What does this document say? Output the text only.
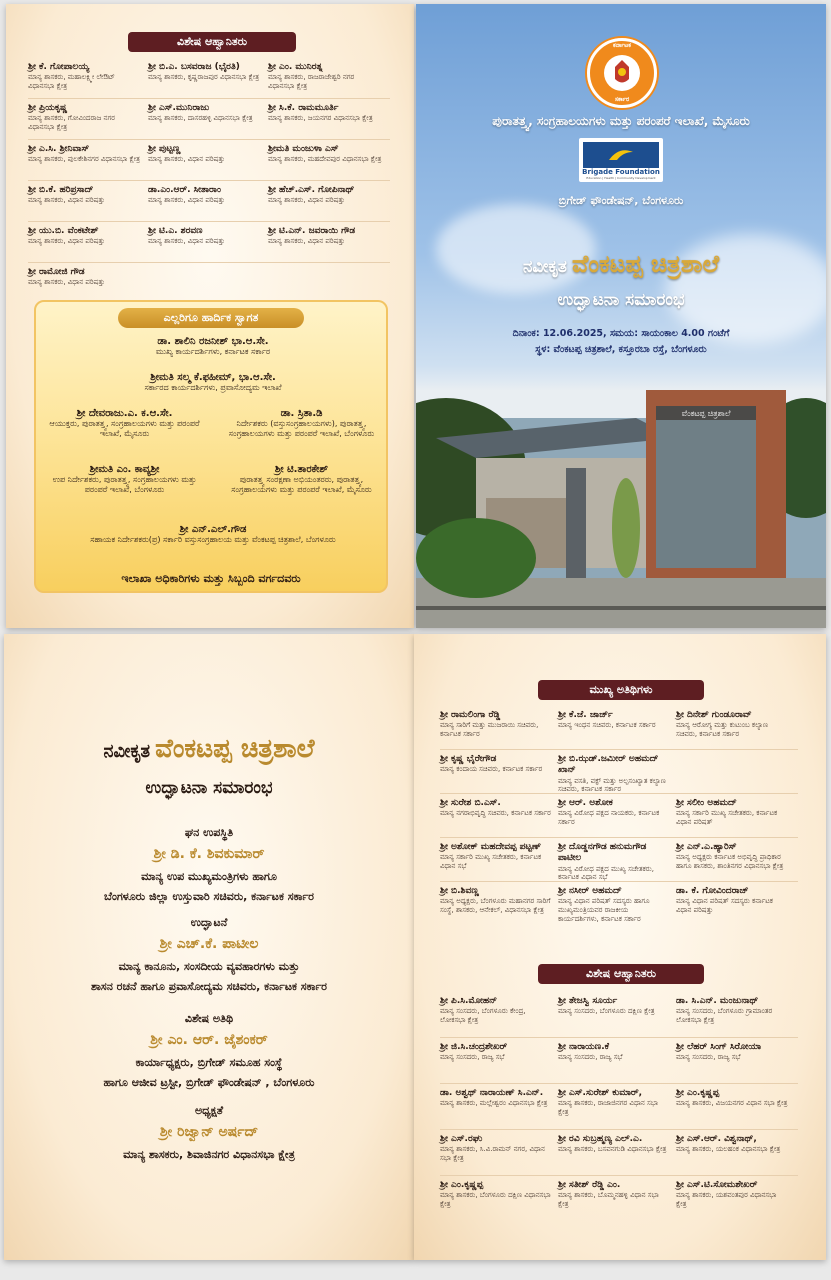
ವಿಶೇಷ ಆಹ್ವಾನಿತರು
ಶ್ರೀ ಕೆ. ಗೋಪಾಲಯ್ಯ
ಮಾನ್ಯ ಶಾಸಕರು, ಮಹಾಲಕ್ಷ್ಮೀ ಲೇಔಟ್ ವಿಧಾನಸಭಾ ಕ್ಷೇತ್ರ
ಶ್ರೀ ಬಿ.ಎ. ಬಸವರಾಜ (ಭೈರತಿ)
ಮಾನ್ಯ ಶಾಸಕರು, ಕೃಷ್ಣರಾಜಪುರ ವಿಧಾನಸಭಾ ಕ್ಷೇತ್ರ
ಶ್ರೀ ಎಂ. ಮುನಿರತ್ನ
ಮಾನ್ಯ ಶಾಸಕರು, ರಾಜರಾಜೇಶ್ವರಿ ನಗರ ವಿಧಾನಸಭಾ ಕ್ಷೇತ್ರ
ಶ್ರೀ ಪ್ರಿಯಕೃಷ್ಣ
ಮಾನ್ಯ ಶಾಸಕರು, ಗೋವಿಂದರಾಜ ನಗರ ವಿಧಾನಸಭಾ ಕ್ಷೇತ್ರ
ಶ್ರೀ ಎಸ್.ಮುನಿರಾಜು
ಮಾನ್ಯ ಶಾಸಕರು, ದಾಸರಹಳ್ಳಿ ವಿಧಾನಸಭಾ ಕ್ಷೇತ್ರ
ಶ್ರೀ ಸಿ.ಕೆ. ರಾಮಮೂರ್ತಿ
ಮಾನ್ಯ ಶಾಸಕರು, ಜಯನಗರ ವಿಧಾನಸಭಾ ಕ್ಷೇತ್ರ
ಶ್ರೀ ಎ.ಸಿ. ಶ್ರೀನಿವಾಸ್
ಮಾನ್ಯ ಶಾಸಕರು, ಪುಲಕೇಶಿನಗರ ವಿಧಾನಸಭಾ ಕ್ಷೇತ್ರ
ಶ್ರೀ ಪುಟ್ಟಣ್ಣ
ಮಾನ್ಯ ಶಾಸಕರು, ವಿಧಾನ ಪರಿಷತ್ತು
ಶ್ರೀಮತಿ ಮಂಜುಳಾ ಎಸ್
ಮಾನ್ಯ ಶಾಸಕರು, ಮಹದೇವಪುರ ವಿಧಾನಸಭಾ ಕ್ಷೇತ್ರ
ಶ್ರೀ ಬಿ.ಕೆ. ಹರಿಪ್ರಸಾದ್
ಮಾನ್ಯ ಶಾಸಕರು, ವಿಧಾನ ಪರಿಷತ್ತು
ಡಾ.ಎಂ.ಆರ್. ಸೀತಾರಾಂ
ಮಾನ್ಯ ಶಾಸಕರು, ವಿಧಾನ ಪರಿಷತ್ತು
ಶ್ರೀ ಹೆಚ್.ಎಸ್. ಗೋಪಿನಾಥ್
ಮಾನ್ಯ ಶಾಸಕರು, ವಿಧಾನ ಪರಿಷತ್ತು
ಶ್ರೀ ಯು.ಬಿ. ವೆಂಕಟೇಶ್
ಮಾನ್ಯ ಶಾಸಕರು, ವಿಧಾನ ಪರಿಷತ್ತು
ಶ್ರೀ ಟಿ.ಎ. ಶರವಣ
ಮಾನ್ಯ ಶಾಸಕರು, ವಿಧಾನ ಪರಿಷತ್ತು
ಶ್ರೀ ಟಿ.ಎನ್. ಜವರಾಯಿ ಗೌಡ
ಮಾನ್ಯ ಶಾಸಕರು, ವಿಧಾನ ಪರಿಷತ್ತು
ಶ್ರೀ ರಾಮೋಜಿ ಗೌಡ
ಮಾನ್ಯ ಶಾಸಕರು, ವಿಧಾನ ಪರಿಷತ್ತು
ಎಲ್ಲರಿಗೂ ಹಾರ್ದಿಕ ಸ್ವಾಗತ
ಡಾ. ಶಾಲಿನಿ ರಜನೀಶ್ ಭಾ.ಆ.ಸೇ.
ಮುಖ್ಯ ಕಾರ್ಯದರ್ಶಿಗಳು, ಕರ್ನಾಟಕ ಸರ್ಕಾರ
ಶ್ರೀಮತಿ ಸಲ್ಮ ಕೆ.ಫಹೀಮ್, ಭಾ.ಆ.ಸೇ.
ಸರ್ಕಾರದ ಕಾರ್ಯದರ್ಶಿಗಳು, ಪ್ರವಾಸೋದ್ಯಮ ಇಲಾಖೆ
ಶ್ರೀ ದೇವರಾಜು.ಎ. ಕ.ಆ.ಸೇ.
ಆಯುಕ್ತರು, ಪುರಾತತ್ತ್ವ, ಸಂಗ್ರಹಾಲಯಗಳು ಮತ್ತು ಪರಂಪರೆ ಇಲಾಖೆ, ಮೈಸೂರು
ಡಾ. ಸ್ರಿತಾ.ಡಿ
ನಿರ್ದೇಶಕರು (ವಸ್ತುಸಂಗ್ರಹಾಲಯಗಳು), ಪುರಾತತ್ತ್ವ, ಸಂಗ್ರಹಾಲಯಗಳು ಮತ್ತು ಪರಂಪರೆ ಇಲಾಖೆ, ಬೆಂಗಳೂರು
ಶ್ರೀಮತಿ ಎಂ. ಕಾವ್ಯಶ್ರೀ
ಉಪ ನಿರ್ದೇಶಕರು, ಪುರಾತತ್ತ್ವ, ಸಂಗ್ರಹಾಲಯಗಳು ಮತ್ತು ಪರಂಪರೆ ಇಲಾಖೆ, ಬೆಂಗಳೂರು
ಶ್ರೀ ಟಿ.ತಾರಕೇಶ್
ಪುರಾತತ್ತ್ವ ಸಂರಕ್ಷಣಾ ಅಭಿಯಂತರರು, ಪುರಾತತ್ತ್ವ, ಸಂಗ್ರಹಾಲಯಗಳು ಮತ್ತು ಪರಂಪರೆ ಇಲಾಖೆ, ಮೈಸೂರು
ಶ್ರೀ ಎನ್.ಎಲ್.ಗೌಡ
ಸಹಾಯಕ ನಿರ್ದೇಶಕರು(ಪ್ರ) ಸರ್ಕಾರಿ ವಸ್ತುಸಂಗ್ರಹಾಲಯ ಮತ್ತು ವೆಂಕಟಪ್ಪ ಚಿತ್ರಶಾಲೆ, ಬೆಂಗಳೂರು
ಇಲಾಖಾ ಅಧಿಕಾರಿಗಳು ಮತ್ತು ಸಿಬ್ಬಂದಿ ವರ್ಗದವರು
ಕರ್ನಾಟಕ
ಸರ್ಕಾರ
ಪುರಾತತ್ತ್ವ, ಸಂಗ್ರಹಾಲಯಗಳು ಮತ್ತು ಪರಂಪರೆ ಇಲಾಖೆ, ಮೈಸೂರು
Brigade Foundation
Education | Health | Community Development
ಬ್ರಿಗೇಡ್ ಫೌಂಡೇಷನ್, ಬೆಂಗಳೂರು
ನವೀಕೃತ ವೆಂಕಟಪ್ಪ ಚಿತ್ರಶಾಲೆ
ಉದ್ಘಾಟನಾ ಸಮಾರಂಭ
ದಿನಾಂಕ: 12.06.2025, ಸಮಯ: ಸಾಯಂಕಾಲ 4.00 ಗಂಟೆಗೆ
ಸ್ಥಳ: ವೆಂಕಟಪ್ಪ ಚಿತ್ರಶಾಲೆ, ಕಸ್ತೂರಬಾ ರಸ್ತೆ, ಬೆಂಗಳೂರು
ವೆಂಕಟಪ್ಪ ಚಿತ್ರಶಾಲೆ
ನವೀಕೃತ ವೆಂಕಟಪ್ಪ ಚಿತ್ರಶಾಲೆ
ಉದ್ಘಾಟನಾ ಸಮಾರಂಭ
ಘನ ಉಪಸ್ಥಿತಿ
ಶ್ರೀ ಡಿ. ಕೆ. ಶಿವಕುಮಾರ್
ಮಾನ್ಯ ಉಪ ಮುಖ್ಯಮಂತ್ರಿಗಳು ಹಾಗೂ
ಬೆಂಗಳೂರು ಜಿಲ್ಲಾ ಉಸ್ತುವಾರಿ ಸಚಿವರು, ಕರ್ನಾಟಕ ಸರ್ಕಾರ
ಉದ್ಘಾಟನೆ
ಶ್ರೀ ಎಚ್.ಕೆ. ಪಾಟೀಲ
ಮಾನ್ಯ ಕಾನೂನು, ಸಂಸದೀಯ ವ್ಯವಹಾರಗಳು ಮತ್ತು
ಶಾಸನ ರಚನೆ ಹಾಗೂ ಪ್ರವಾಸೋದ್ಯಮ ಸಚಿವರು, ಕರ್ನಾಟಕ ಸರ್ಕಾರ
ವಿಶೇಷ ಅತಿಥಿ
ಶ್ರೀ ಎಂ. ಆರ್. ಜೈಶಂಕರ್
ಕಾರ್ಯಾಧ್ಯಕ್ಷರು, ಬ್ರಿಗೇಡ್ ಸಮೂಹ ಸಂಸ್ಥೆ
ಹಾಗೂ ಆಜೀವ ಟ್ರಸ್ಟೀ, ಬ್ರಿಗೇಡ್ ಫೌಂಡೇಷನ್ , ಬೆಂಗಳೂರು
ಅಧ್ಯಕ್ಷತೆ
ಶ್ರೀ ರಿಜ್ವಾನ್ ಅರ್ಷದ್
ಮಾನ್ಯ ಶಾಸಕರು, ಶಿವಾಜಿನಗರ ವಿಧಾನಸಭಾ ಕ್ಷೇತ್ರ
ಮುಖ್ಯ ಅತಿಥಿಗಳು
ಶ್ರೀ ರಾಮಲಿಂಗಾ ರೆಡ್ಡಿ
ಮಾನ್ಯ ಸಾರಿಗೆ ಮತ್ತು ಮುಜರಾಯಿ ಸಚಿವರು, ಕರ್ನಾಟಕ ಸರ್ಕಾರ
ಶ್ರೀ ಕೆ.ಜೆ. ಜಾರ್ಜ್
ಮಾನ್ಯ ಇಂಧನ ಸಚಿವರು, ಕರ್ನಾಟಕ ಸರ್ಕಾರ
ಶ್ರೀ ದಿನೇಶ್ ಗುಂಡೂರಾವ್
ಮಾನ್ಯ ಆರೋಗ್ಯ ಮತ್ತು ಕುಟುಂಬ ಕಲ್ಯಾಣ ಸಚಿವರು, ಕರ್ನಾಟಕ ಸರ್ಕಾರ
ಶ್ರೀ ಕೃಷ್ಣ ಭೈರೇಗೌಡ
ಮಾನ್ಯ ಕಂದಾಯ ಸಚಿವರು, ಕರ್ನಾಟಕ ಸರ್ಕಾರ
ಶ್ರೀ ಬಿ.ಝಡ್.ಜಮೀರ್ ಅಹಮದ್ ಖಾನ್
ಮಾನ್ಯ ವಸತಿ, ವಕ್ಫ್ ಮತ್ತು ಅಲ್ಪಸಂಖ್ಯಾತ ಕಲ್ಯಾಣ ಸಚಿವರು, ಕರ್ನಾಟಕ ಸರ್ಕಾರ
ಶ್ರೀ ಸುರೇಶ ಬಿ.ಎಸ್.
ಮಾನ್ಯ ನಗರಾಭಿವೃದ್ಧಿ ಸಚಿವರು, ಕರ್ನಾಟಕ ಸರ್ಕಾರ
ಶ್ರೀ ಆರ್. ಅಶೋಕ
ಮಾನ್ಯ ವಿರೋಧ ಪಕ್ಷದ ನಾಯಕರು, ಕರ್ನಾಟಕ ಸರ್ಕಾರ
ಶ್ರೀ ಸಲೀಂ ಅಹಮದ್
ಮಾನ್ಯ ಸರ್ಕಾರಿ ಮುಖ್ಯ ಸಚೇತಕರು, ಕರ್ನಾಟಕ ವಿಧಾನ ಪರಿಷತ್
ಶ್ರೀ ಅಶೋಕ್ ಮಹದೇವಪ್ಪ ಪಟ್ಟಣ್
ಮಾನ್ಯ ಸರ್ಕಾರಿ ಮುಖ್ಯ ಸಚೇತಕರು, ಕರ್ನಾಟಕ ವಿಧಾನ ಸಭೆ
ಶ್ರೀ ದೊಡ್ಡನಗೌಡ ಹನುಮಗೌಡ ಪಾಟೀಲ
ಮಾನ್ಯ ವಿರೋಧ ಪಕ್ಷದ ಮುಖ್ಯ ಸಚೇತಕರು, ಕರ್ನಾಟಕ ವಿಧಾನ ಸಭೆ
ಶ್ರೀ ಎನ್.ಎ.ಹ್ಯಾರಿಸ್
ಮಾನ್ಯ ಅಧ್ಯಕ್ಷರು ಕರ್ನಾಟಕ ಅಭಿವೃದ್ಧಿ ಪ್ರಾಧಿಕಾರ ಹಾಗೂ ಶಾಸಕರು, ಶಾಂತಿನಗರ ವಿಧಾನಸಭಾ ಕ್ಷೇತ್ರ
ಶ್ರೀ ಬಿ.ಶಿವಣ್ಣ
ಮಾನ್ಯ ಅಧ್ಯಕ್ಷರು, ಬೆಂಗಳೂರು ಮಹಾನಗರ ಸಾರಿಗೆ ಸಂಸ್ಥೆ, ಶಾಸಕರು, ಆನೇಕಲ್, ವಿಧಾನಸಭಾ ಕ್ಷೇತ್ರ
ಶ್ರೀ ನಸೀರ್ ಅಹಮದ್
ಮಾನ್ಯ ವಿಧಾನ ಪರಿಷತ್ ಸದಸ್ಯರು ಹಾಗೂ ಮುಖ್ಯಮಂತ್ರಿಯವರ ರಾಜಕೀಯ ಕಾರ್ಯದರ್ಶಿಗಳು, ಕರ್ನಾಟಕ ಸರ್ಕಾರ
ಡಾ. ಕೆ. ಗೋವಿಂದರಾಜ್
ಮಾನ್ಯ ವಿಧಾನ ಪರಿಷತ್ ಸದಸ್ಯರು ಕರ್ನಾಟಕ ವಿಧಾನ ಪರಿಷತ್ತು
ವಿಶೇಷ ಆಹ್ವಾನಿತರು
ಶ್ರೀ ಪಿ.ಸಿ.ಮೋಹನ್
ಮಾನ್ಯ ಸಂಸದರು, ಬೆಂಗಳೂರು ಕೇಂದ್ರ, ಲೋಕಸಭಾ ಕ್ಷೇತ್ರ
ಶ್ರೀ ತೇಜಸ್ವಿ ಸೂರ್ಯ
ಮಾನ್ಯ ಸಂಸದರು, ಬೆಂಗಳೂರು ದಕ್ಷಿಣ ಕ್ಷೇತ್ರ
ಡಾ. ಸಿ.ಎನ್. ಮಂಜುನಾಥ್
ಮಾನ್ಯ ಸಂಸದರು, ಬೆಂಗಳೂರು ಗ್ರಾಮಾಂತರ ಲೋಕಸಭಾ ಕ್ಷೇತ್ರ
ಶ್ರೀ ಜಿ.ಸಿ.ಚಂದ್ರಶೇಖರ್
ಮಾನ್ಯ ಸಂಸದರು, ರಾಜ್ಯ ಸಭೆ
ಶ್ರೀ ನಾರಾಯಣ.ಕೆ
ಮಾನ್ಯ ಸಂಸದರು, ರಾಜ್ಯ ಸಭೆ
ಶ್ರೀ ಲೆಹರ್ ಸಿಂಗ್ ಸಿರೋಯಾ
ಮಾನ್ಯ ಸಂಸದರು, ರಾಜ್ಯ ಸಭೆ
ಡಾ. ಅಶ್ವಥ್ ನಾರಾಯಣ್ ಸಿ.ಎನ್.
ಮಾನ್ಯ ಶಾಸಕರು, ಮಲ್ಲೇಶ್ವರಂ ವಿಧಾನಸಭಾ ಕ್ಷೇತ್ರ
ಶ್ರೀ ಎಸ್.ಸುರೇಶ್ ಕುಮಾರ್,
ಮಾನ್ಯ ಶಾಸಕರು, ರಾಜಾಜಿನಗರ ವಿಧಾನ ಸಭಾ ಕ್ಷೇತ್ರ
ಶ್ರೀ ಎಂ.ಕೃಷ್ಣಪ್ಪ
ಮಾನ್ಯ ಶಾಸಕರು, ವಿಜಯನಗರ ವಿಧಾನ ಸಭಾ ಕ್ಷೇತ್ರ
ಶ್ರೀ ಎಸ್.ರಘು
ಮಾನ್ಯ ಶಾಸಕರು, ಸಿ.ವಿ.ರಾಮನ್ ನಗರ, ವಿಧಾನ ಸಭಾ ಕ್ಷೇತ್ರ
ಶ್ರೀ ರವಿ ಸುಬ್ರಹ್ಮಣ್ಯ ಎಲ್.ಎ.
ಮಾನ್ಯ ಶಾಸಕರು, ಬಸವನಗುಡಿ ವಿಧಾನಸಭಾ ಕ್ಷೇತ್ರ
ಶ್ರೀ ಎಸ್.ಆರ್. ವಿಶ್ವನಾಥ್,
ಮಾನ್ಯ ಶಾಸಕರು, ಯಲಹಂಕ ವಿಧಾನಸಭಾ ಕ್ಷೇತ್ರ
ಶ್ರೀ ಎಂ.ಕೃಷ್ಣಪ್ಪ
ಮಾನ್ಯ ಶಾಸಕರು, ಬೆಂಗಳೂರು ದಕ್ಷಿಣ ವಿಧಾನಸಭಾ ಕ್ಷೇತ್ರ
ಶ್ರೀ ಸತೀಶ್ ರೆಡ್ಡಿ ಎಂ.
ಮಾನ್ಯ ಶಾಸಕರು, ಬೊಮ್ಮನಹಳ್ಳಿ ವಿಧಾನ ಸಭಾ ಕ್ಷೇತ್ರ
ಶ್ರೀ ಎಸ್.ಟಿ.ಸೋಮಶೇಖರ್
ಮಾನ್ಯ ಶಾಸಕರು, ಯಶವಂತಪುರ ವಿಧಾನಸಭಾ ಕ್ಷೇತ್ರ
